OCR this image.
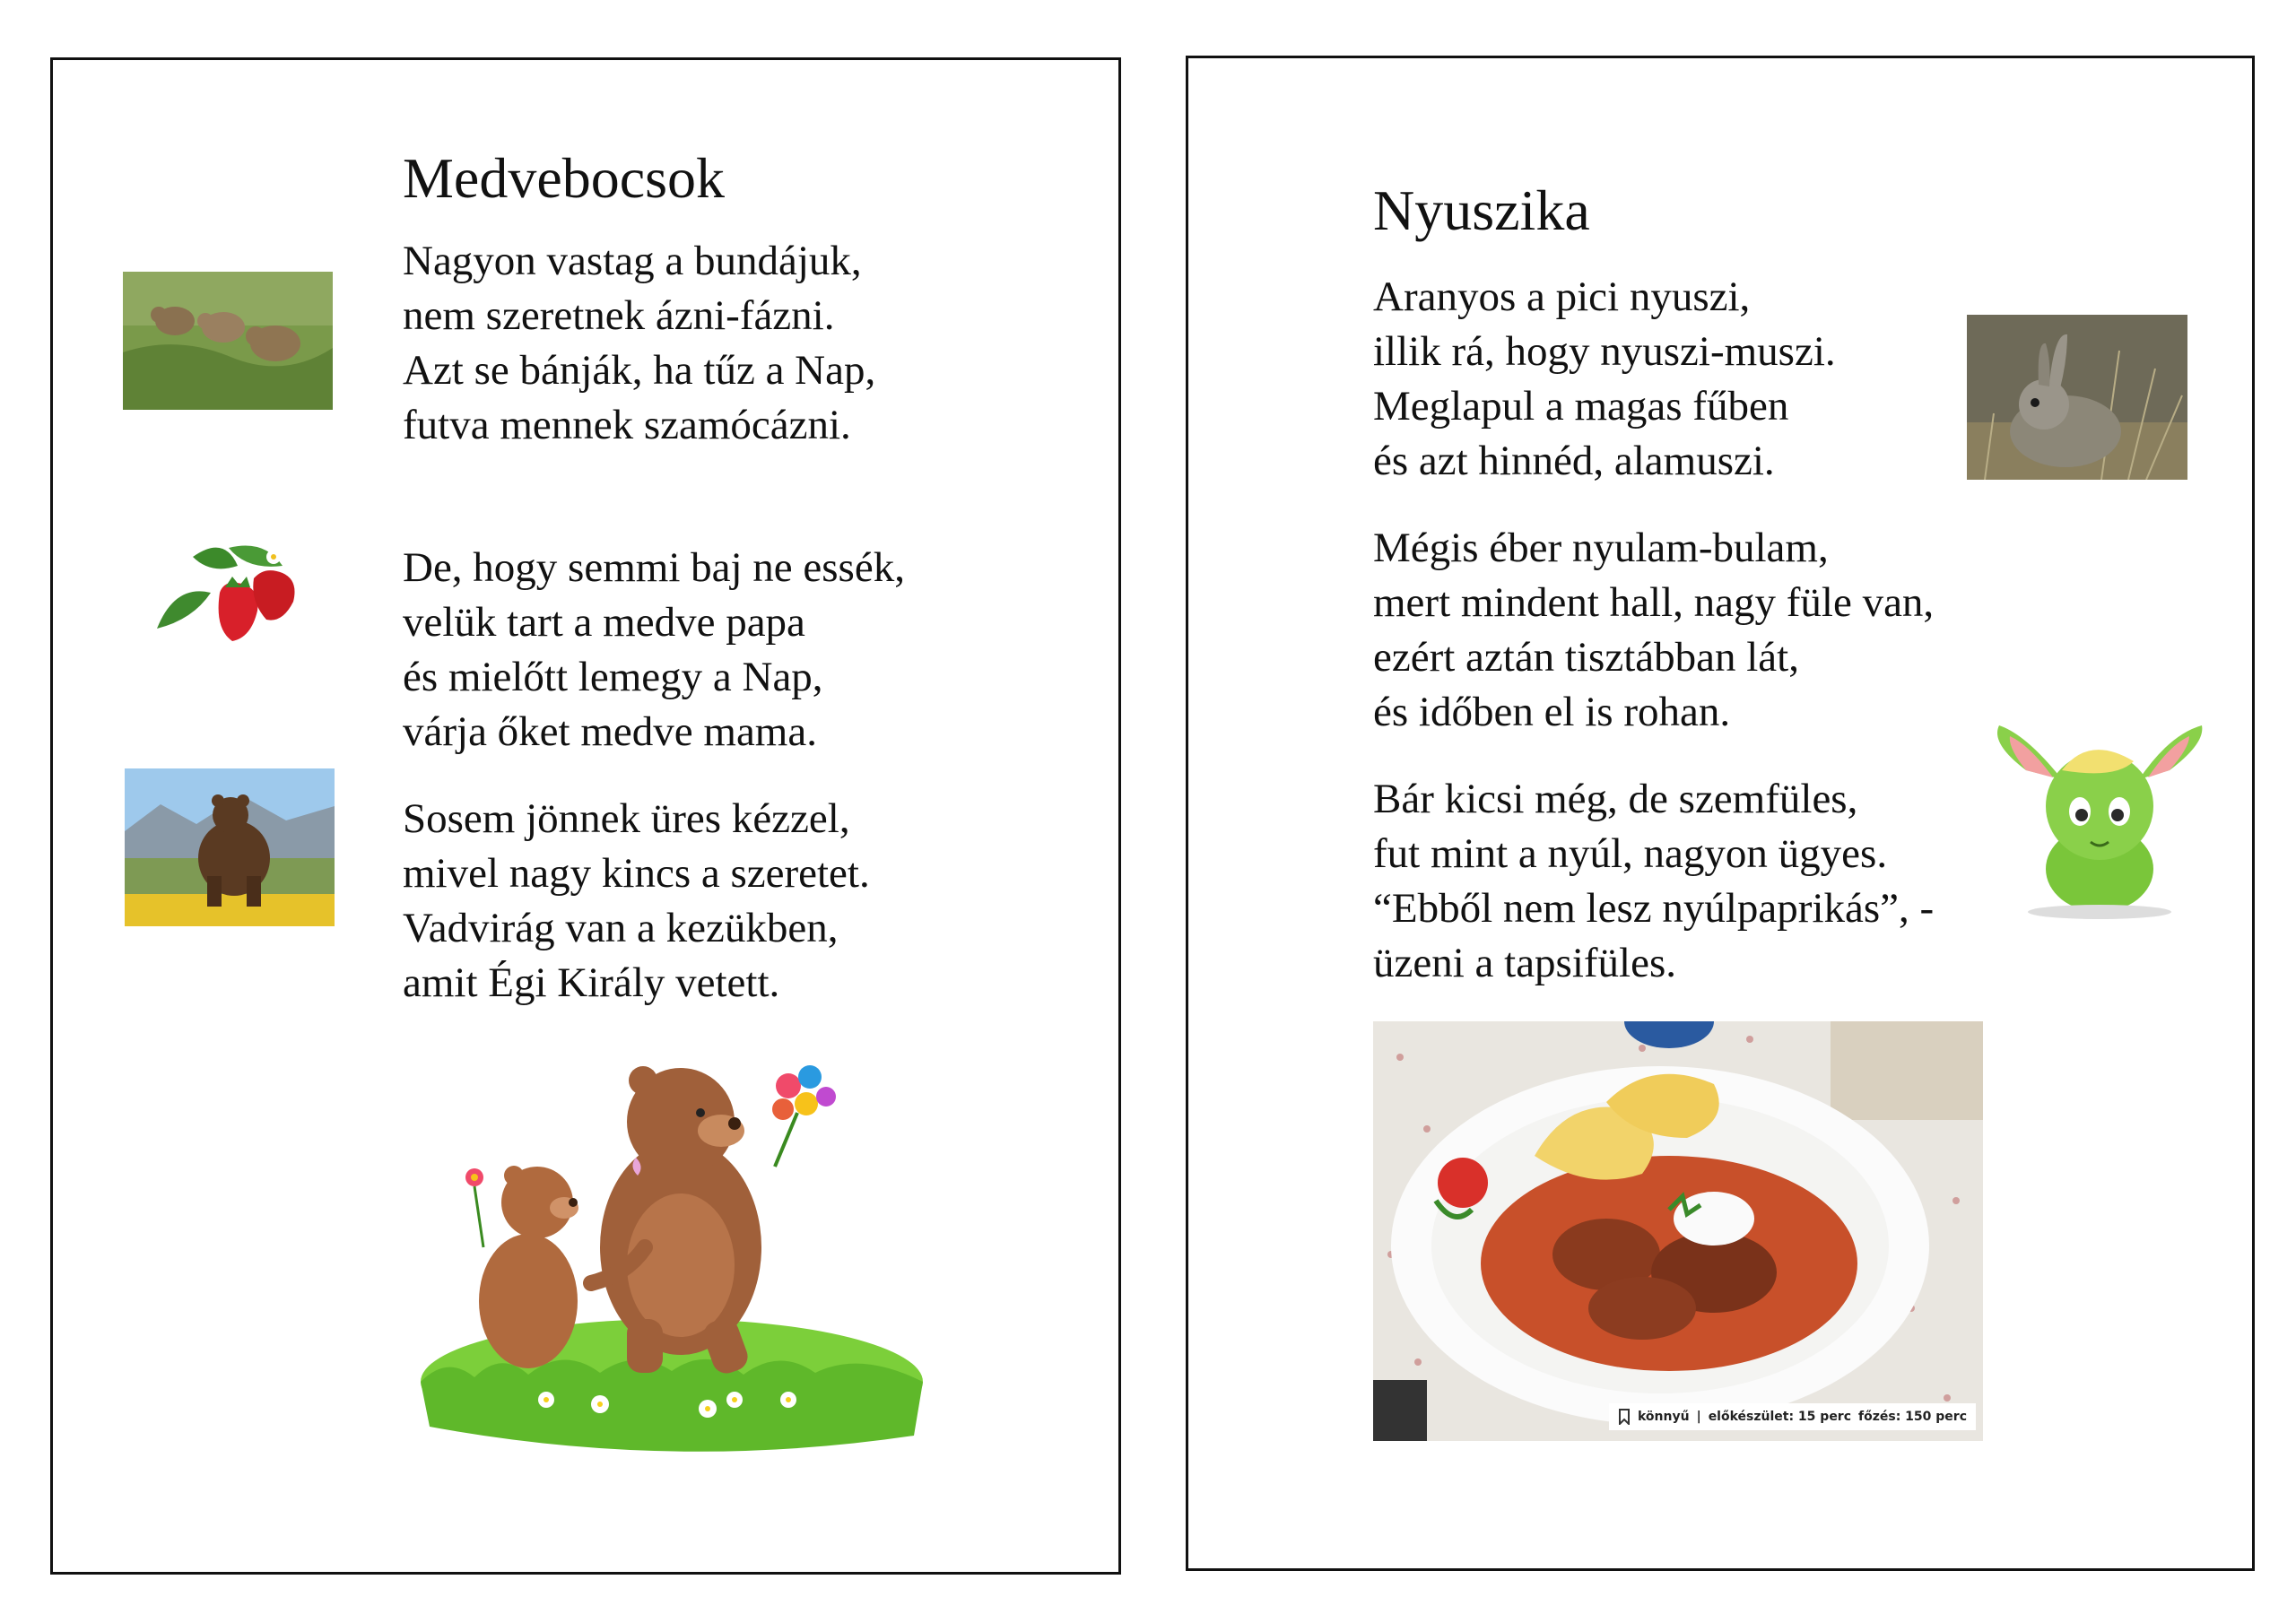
Medvebocsok
Nagyon vastag a bundájuk,
nem szeretnek ázni-fázni.
Azt se bánják, ha tűz a Nap,
futva mennek szamócázni.
De, hogy semmi baj ne essék,
velük tart a medve papa
és mielőtt lemegy a Nap,
várja őket medve mama.
Sosem jönnek üres kézzel,
mivel nagy kincs a szeretet.
Vadvirág van a kezükben,
amit Égi Király vetett.
Nyuszika
Aranyos a pici nyuszi,
illik rá, hogy nyuszi-muszi.
Meglapul a magas fűben
és azt hinnéd, alamuszi.
Mégis éber nyulam-bulam,
mert mindent hall, nagy füle van,
ezért aztán tisztábban lát,
és időben el is rohan.
Bár kicsi még, de szemfüles,
fut mint a nyúl, nagyon ügyes.
“Ebből nem lesz nyúlpaprikás”, -
üzeni a tapsifüles.
könnyű | előkészület: 15 perc főzés: 150 perc
